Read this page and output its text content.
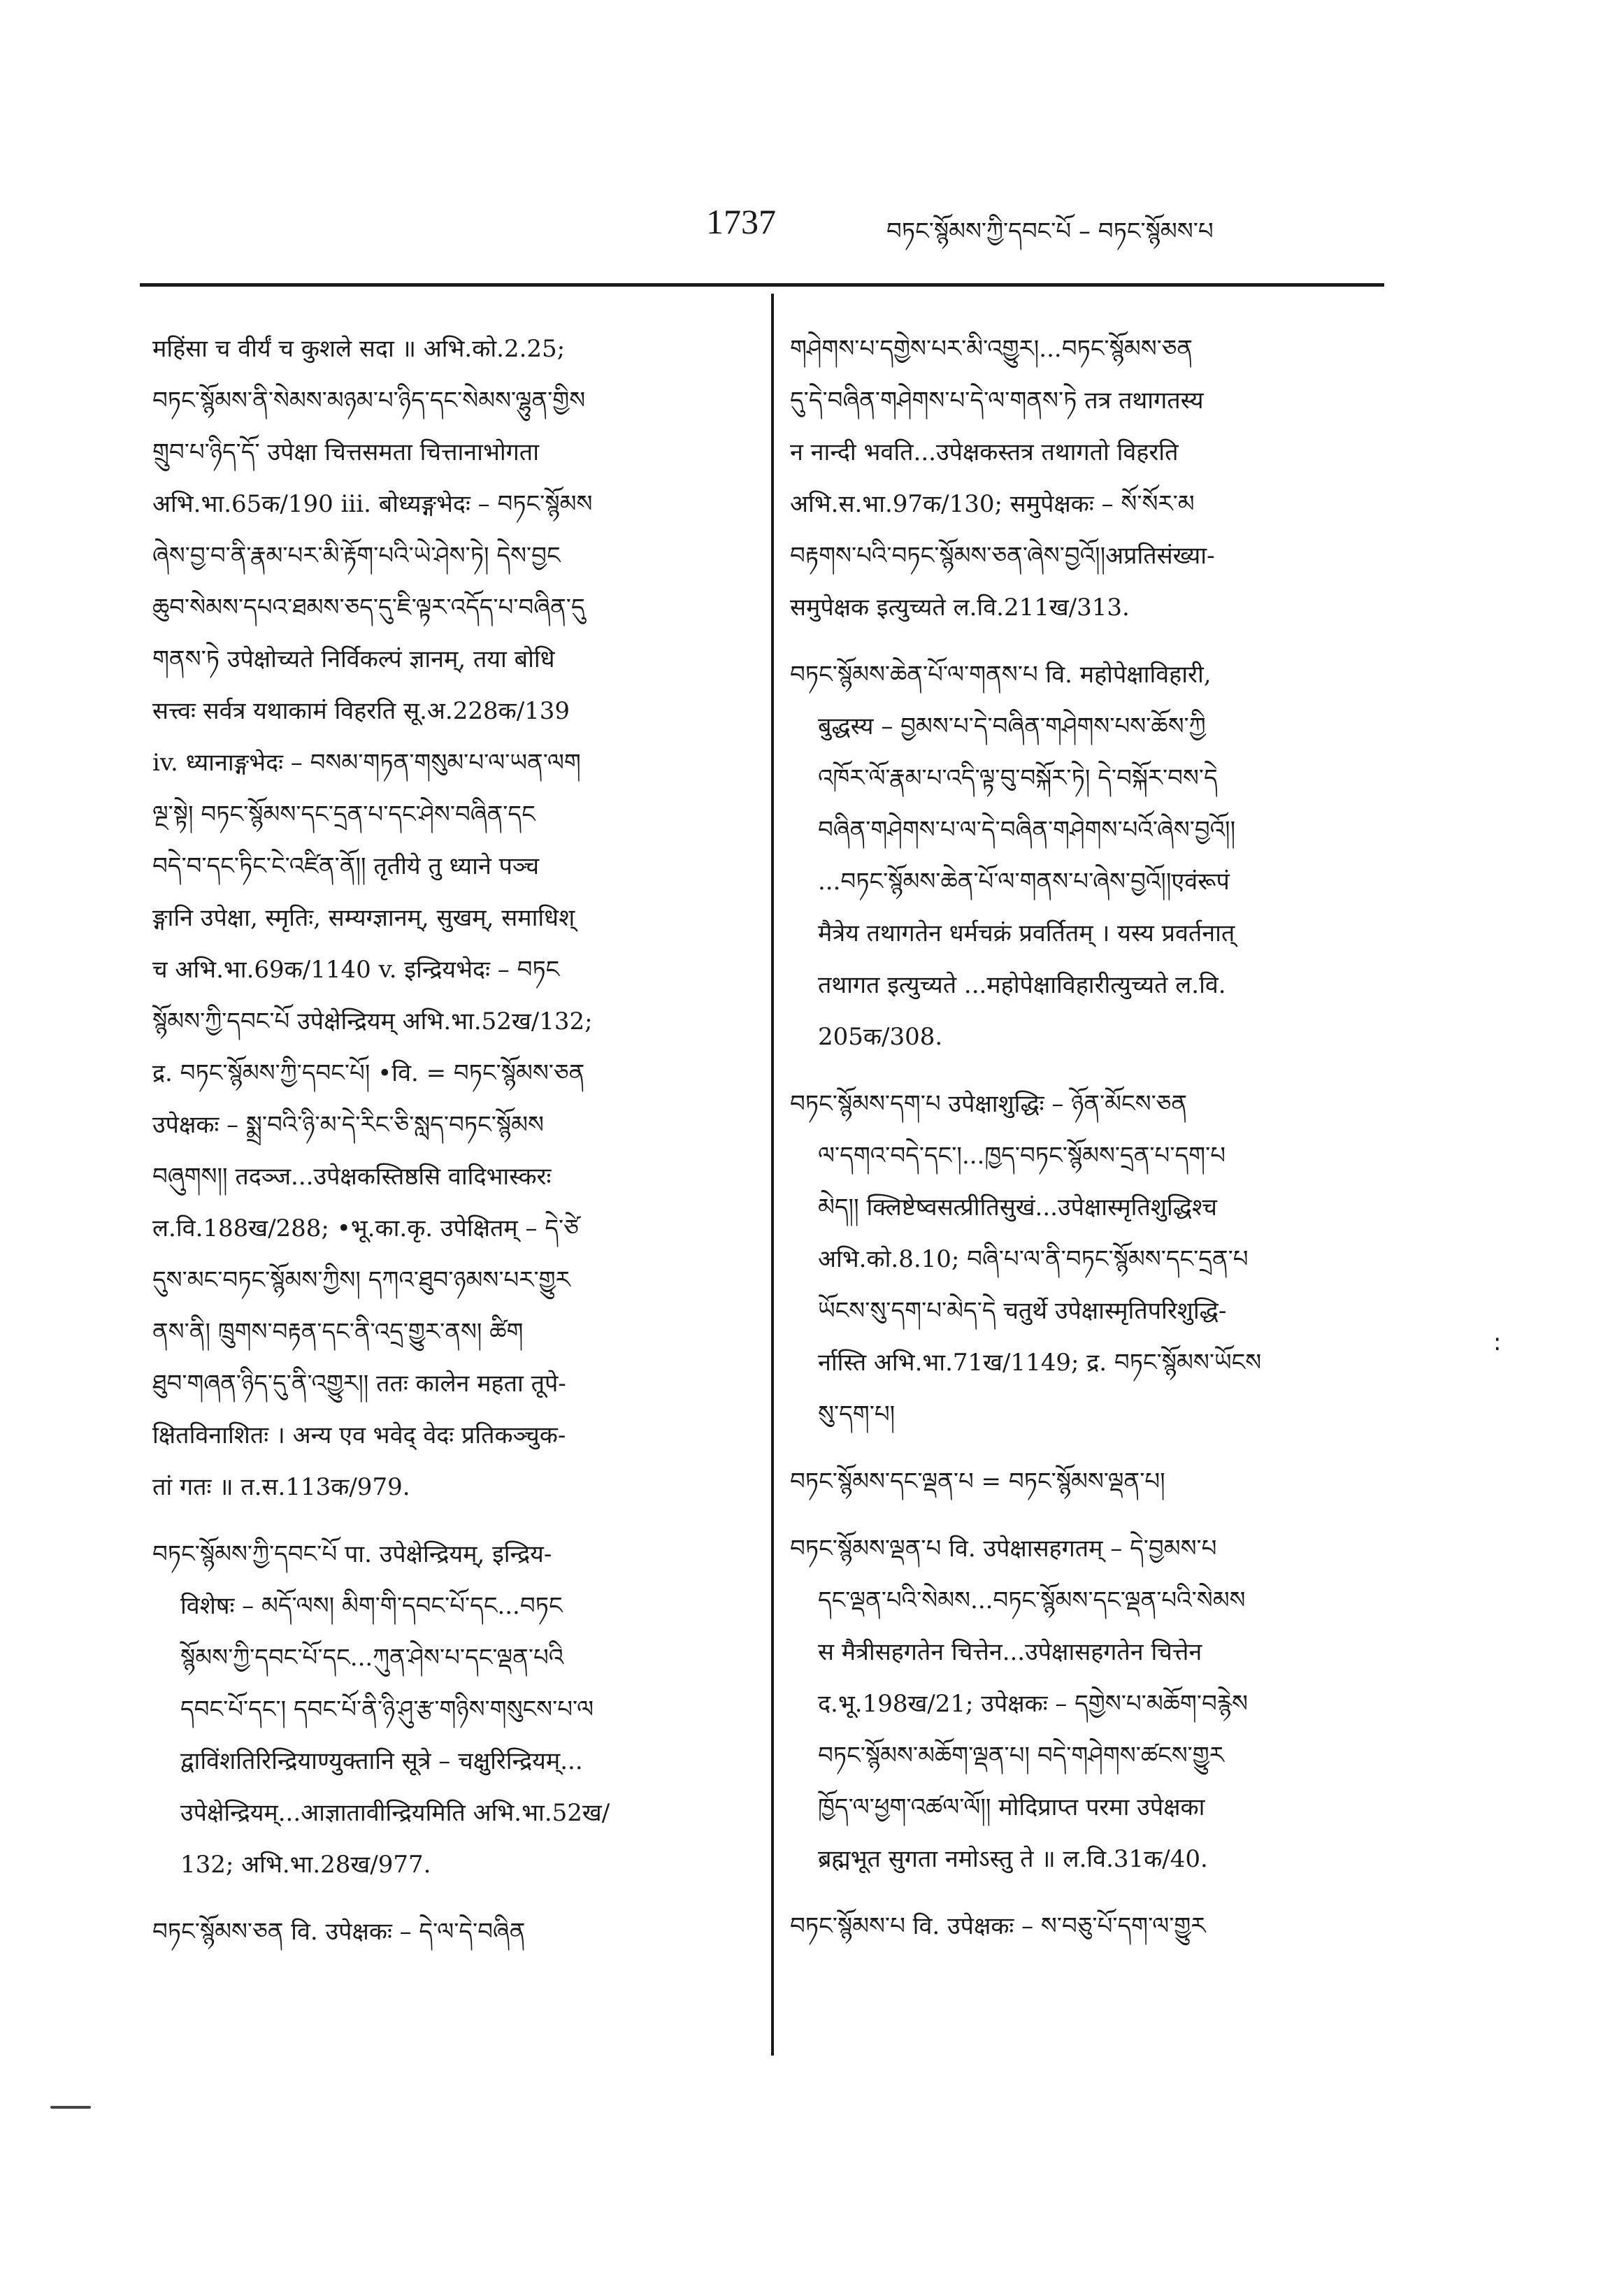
1737	བཏང་སྙོམས་ཀྱི་དབང་པོ – བཏང་སྙོམས་པ
महिंसा च वीर्यं च कुशले सदा ॥ अभि.को.2.25;
བཏང་སྙོམས་ནི་སེམས་མཉམ་པ་ཉིད་དང་སེམས་ལྷུན་གྱིས
གྲུབ་པ་ཉིད་དོ་ उपेक्षा चित्तसमता चित्तानाभोगता
अभि.भा.65क/190 iii. बोध्यङ्गभेदः – བཏང་སྙོམས
ཞེས་བྱ་བ་ནི་རྣམ་པར་མི་རྟོག་པའི་ཡེ་ཤེས་ཏེ། དེས་བྱང
ཆུབ་སེམས་དཔའ་ཐམས་ཅད་དུ་ཇི་ལྟར་འདོད་པ་བཞིན་དུ
གནས་ཏེ उपेक्षोच्यते निर्विकल्पं ज्ञानम्, तया बोधि
सत्त्वः सर्वत्र यथाकामं विहरति सू.अ.228क/139
iv. ध्यानाङ्गभेदः – བསམ་གཏན་གསུམ་པ་ལ་ཡན་ལག
ལྔ་སྟེ། བཏང་སྙོམས་དང་དྲན་པ་དང་ཤེས་བཞིན་དང
བདེ་བ་དང་ཏིང་ངེ་འཛིན་ནོ།། तृतीये तु ध्याने पञ्च
ङ्गानि उपेक्षा, स्मृतिः, सम्यग्ज्ञानम्, सुखम्, समाधिश्
च अभि.भा.69क/1140 v. इन्द्रियभेदः – བཏང
སྙོམས་ཀྱི་དབང་པོ उपेक्षेन्द्रियम् अभि.भा.52ख/132;
द्र. བཏང་སྙོམས་ཀྱི་དབང་པོ། •वि. = བཏང་སྙོམས་ཅན
उपेक्षकः – སྨྲ་བའི་ཉི་མ་དེ་རིང་ཅི་སླད་བཏང་སྙོམས
བཞུགས།། तदञ्ज...उपेक्षकस्तिष्ठसि वादिभास्करः
ल.वि.188ख/288; •भू.का.कृ. उपेक्षितम् – དེ་ཙེ
དུས་མང་བཏང་སྙོམས་ཀྱིས། དཀའ་ཐུབ་ཉམས་པར་གྱུར
ནས་ནི། ཁྲུགས་བརྟན་དང་ནི་འདྲ་གྱུར་ནས། ཚིག
ཐུབ་གཞན་ཉིད་དུ་ནི་འགྱུར།། ततः कालेन महता तूपे-
क्षितविनाशितः । अन्य एव भवेद् वेदः प्रतिकञ्चुक-
तां गतः ॥ त.स.113क/979.
བཏང་སྙོམས་ཀྱི་དབང་པོ पा. उपेक्षेन्द्रियम्, इन्द्रिय-
विशेषः – མདོ་ལས། མིག་གི་དབང་པོ་དང...བཏང
སྙོམས་ཀྱི་དབང་པོ་དང...ཀུན་ཤེས་པ་དང་ལྡན་པའི
དབང་པོ་དང་། དབང་པོ་ནི་ཉི་ཤུ་རྩ་གཉིས་གསུངས་པ་ལ
द्वाविंशतिरिन्द्रियाण्युक्तानि सूत्रे – चक्षुरिन्द्रियम्...
उपेक्षेन्द्रियम्...आज्ञातावीन्द्रियमिति अभि.भा.52ख/
132; अभि.भा.28ख/977.
བཏང་སྙོམས་ཅན वि. उपेक्षकः – དེ་ལ་དེ་བཞིན
གཤེགས་པ་དགྱེས་པར་མི་འགྱུར།...བཏང་སྙོམས་ཅན
དུ་དེ་བཞིན་གཤེགས་པ་དེ་ལ་གནས་ཏེ तत्र तथागतस्य
न नान्दी भवति...उपेक्षकस्तत्र तथागतो विहरति
अभि.स.भा.97क/130; समुपेक्षकः – སོ་སོར་མ
བརྟགས་པའི་བཏང་སྙོམས་ཅན་ཞེས་བྱའོ།།अप्रतिसंख्या-
समुपेक्षक इत्युच्यते ल.वि.211ख/313.
བཏང་སྙོམས་ཆེན་པོ་ལ་གནས་པ वि. महोपेक्षाविहारी,
बुद्धस्य – བྱམས་པ་དེ་བཞིན་གཤེགས་པས་ཆོས་ཀྱི
འཁོར་ལོ་རྣམ་པ་འདི་ལྟ་བུ་བསྐོར་ཏེ། དེ་བསྐོར་བས་དེ
བཞིན་གཤེགས་པ་ལ་དེ་བཞིན་གཤེགས་པའོ་ཞེས་བྱའོ།།
...བཏང་སྙོམས་ཆེན་པོ་ལ་གནས་པ་ཞེས་བྱའོ།།एवंरूपं
मैत्रेय तथागतेन धर्मचक्रं प्रवर्तितम् । यस्य प्रवर्तनात्
तथागत इत्युच्यते ...महोपेक्षाविहारीत्युच्यते ल.वि.
205क/308.
བཏང་སྙོམས་དག་པ उपेक्षाशुद्धिः – ཉོན་མོངས་ཅན
ལ་དགའ་བདེ་དང་།...ཁྱད་བཏང་སྙོམས་དྲན་པ་དག་པ
མེད།། क्लिष्टेष्वसत्प्रीतिसुखं...उपेक्षास्मृतिशुद्धिश्च
अभि.को.8.10; བཞི་པ་ལ་ནི་བཏང་སྙོམས་དང་དྲན་པ
ཡོངས་སུ་དག་པ་མེད་དེ चतुर्थे उपेक्षास्मृतिपरिशुद्धि-
र्नास्ति अभि.भा.71ख/1149; द्र. བཏང་སྙོམས་ཡོངས
སུ་དག་པ།
བཏང་སྙོམས་དང་ལྡན་པ = བཏང་སྙོམས་ལྡན་པ།
བཏང་སྙོམས་ལྡན་པ वि. उपेक्षासहगतम् – དེ་བྱམས་པ
དང་ལྡན་པའི་སེམས...བཏང་སྙོམས་དང་ལྡན་པའི་སེམས
स मैत्रीसहगतेन चित्तेन...उपेक्षासहगतेन चित्तेन
द.भू.198ख/21; उपेक्षकः – དགྱེས་པ་མཆོག་བརྙེས
བཏང་སྙོམས་མཆོག་ལྡན་པ། བདེ་གཤེགས་ཚངས་གྱུར
ཁྱོད་ལ་ཕྱག་འཚལ་ལོ།། मोदिप्राप्त परमा उपेक्षका
ब्रह्मभूत सुगता नमोऽस्तु ते ॥ ल.वि.31क/40.
བཏང་སྙོམས་པ वि. उपेक्षकः – ས་བཅུ་པོ་དག་ལ་གྱུར
:
